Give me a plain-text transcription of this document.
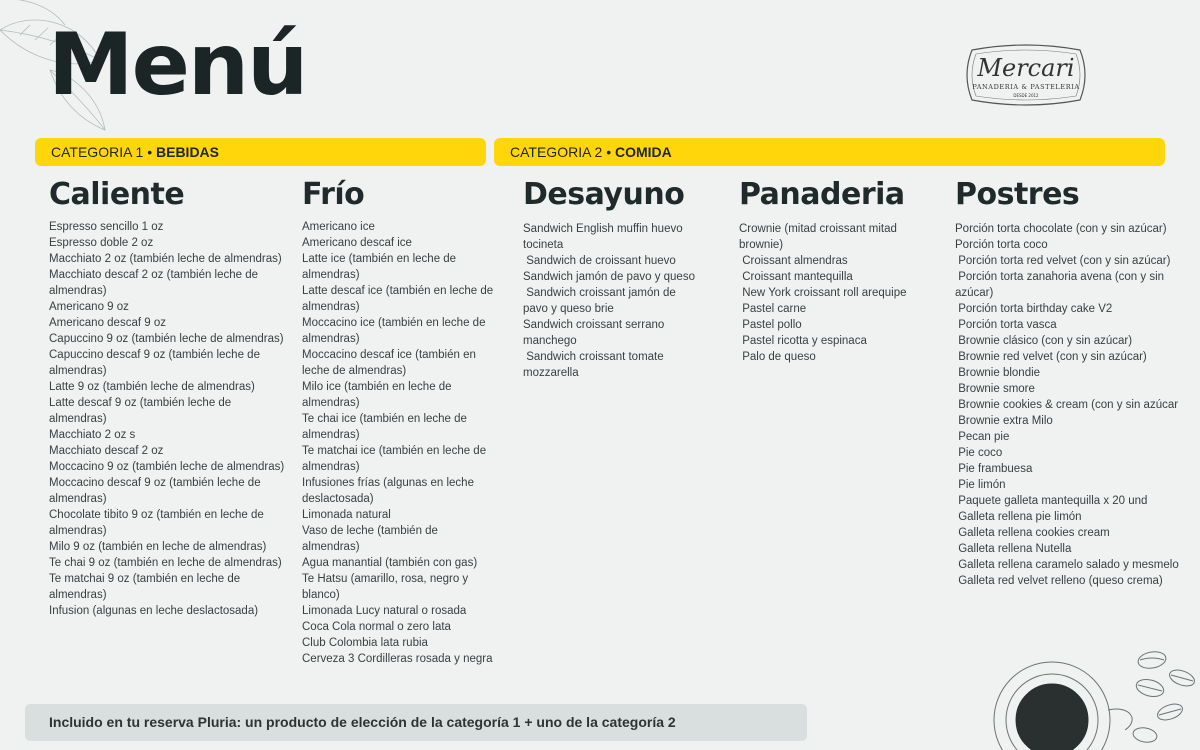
Menú	Mercari
PANADERIA & PASTELERIA
DESDE 2012
CATEGORIA 1 • BEBIDAS	CATEGORIA 2 • COMIDA
Caliente
Espresso sencillo 1 oz
Espresso doble 2 oz
Macchiato 2 oz (también leche de almendras)
Macchiato descaf 2 oz (también leche de almendras)
Americano 9 oz
Americano descaf 9 oz
Capuccino 9 oz (también leche de almendras)
Capuccino descaf 9 oz (también leche de almendras)
Latte 9 oz (también leche de almendras)
Latte descaf 9 oz (también leche de almendras)
Macchiato 2 oz s
Macchiato descaf 2 oz
Moccacino 9 oz (también leche de almendras)
Moccacino descaf 9 oz (también leche de almendras)
Chocolate tibito 9 oz (también en leche de almendras)
Milo 9 oz (también en leche de almendras)
Te chai 9 oz (también en leche de almendras)
Te matchai 9 oz (también en leche de almendras)
Infusion (algunas en leche deslactosada)
Frío
Americano ice
Americano descaf ice
Latte ice (también en leche de almendras)
Latte descaf ice (también en leche de almendras)
Moccacino ice (también en leche de almendras)
Moccacino descaf ice (también en leche de almendras)
Milo ice (también en leche de almendras)
Te chai ice (también en leche de almendras)
Te matchai ice (también en leche de almendras)
Infusiones frías (algunas en leche deslactosada)
Limonada natural
Vaso de leche (también de almendras)
Agua manantial (también con gas)
Te Hatsu (amarillo, rosa, negro y blanco)
Limonada Lucy natural o rosada
Coca Cola normal o zero lata
Club Colombia lata rubia
Cerveza 3 Cordilleras rosada y negra
Desayuno
Sandwich English muffin huevo tocineta
Sandwich de croissant huevo
Sandwich jamón de pavo y queso
Sandwich croissant jamón de pavo y queso brie
Sandwich croissant serrano manchego
Sandwich croissant tomate mozzarella
Panaderia
Crownie (mitad croissant mitad brownie)
Croissant almendras
Croissant mantequilla
New York croissant roll arequipe
Pastel carne
Pastel pollo
Pastel ricotta y espinaca
Palo de queso
Postres
Porción torta chocolate (con y sin azúcar)
Porción torta coco
Porción torta red velvet (con y sin azúcar)
Porción torta zanahoria avena (con y sin azúcar)
Porción torta birthday cake V2
Porción torta vasca
Brownie clásico (con y sin azúcar)
Brownie red velvet (con y sin azúcar)
Brownie blondie
Brownie smore
Brownie cookies & cream (con y sin azúcar
Brownie extra Milo
Pecan pie
Pie coco
Pie frambuesa
Pie limón
Paquete galleta mantequilla x 20 und
Galleta rellena pie limón
Galleta rellena cookies cream
Galleta rellena Nutella
Galleta rellena caramelo salado y mesmelo
Galleta red velvet relleno (queso crema)
Incluido en tu reserva Pluria: un producto de elección de la categoría 1 + uno de la categoría 2
